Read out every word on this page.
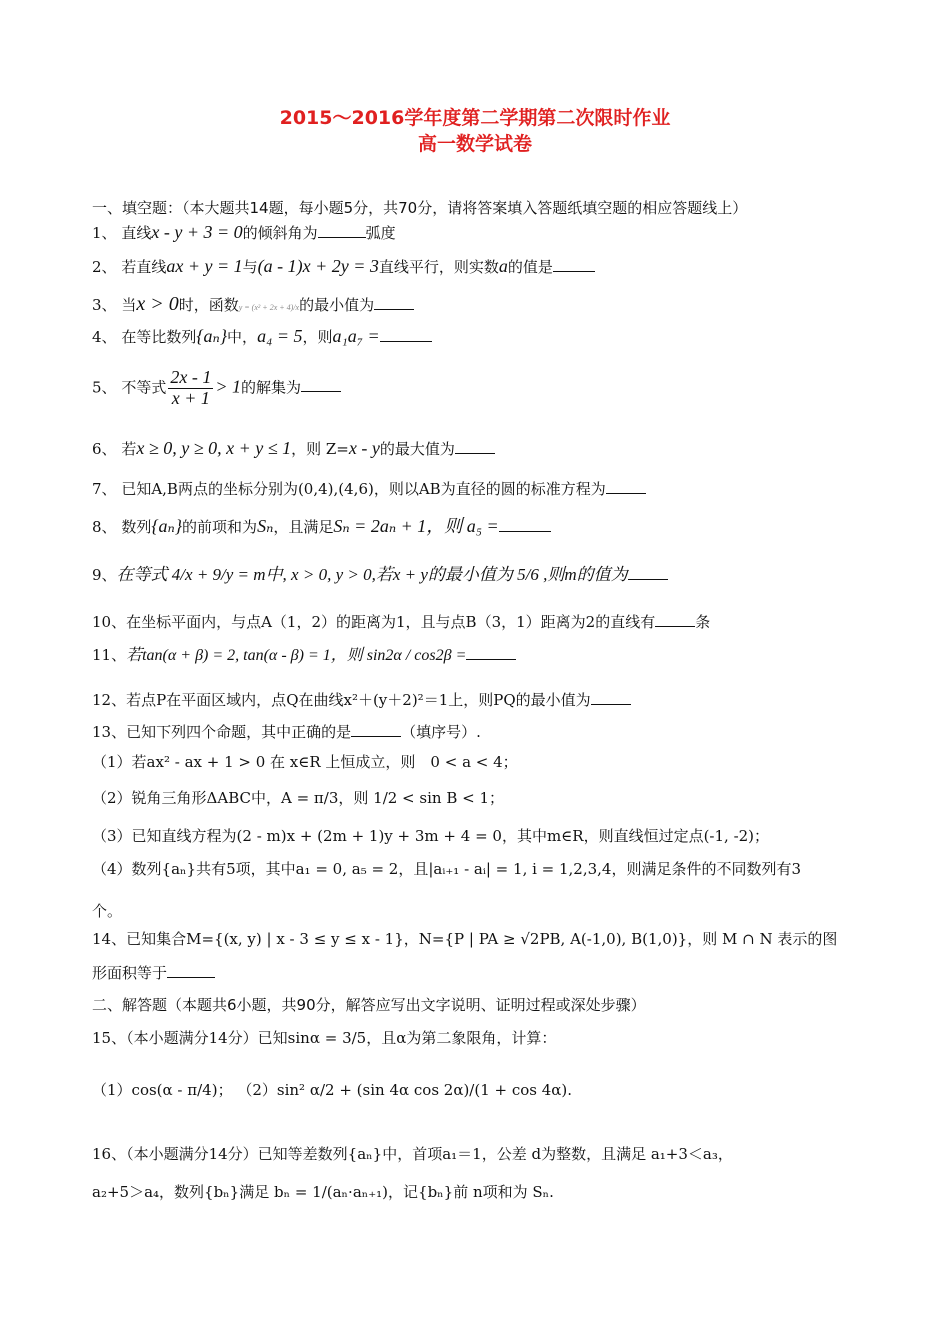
2015～2016学年度第二学期第二次限时作业
高一数学试卷
一、填空题：（本大题共14题，每小题5分，共70分，请将答案填入答题纸填空题的相应答题线上）
1、 直线x - y + 3 = 0的倾斜角为	弧度
2、 若直线ax + y = 1与(a - 1)x + 2y = 3直线平行，则实数a的值是
3、 当x > 0时，函数y = (x² + 2x + 4)/x的最小值为
4、 在等比数列{aₙ}中，a₄ = 5，则a₁a₇ =
5、 不等式 $\frac{2x - 1}{x + 1} > 1$的解集为
6、 若x ≥ 0, y ≥ 0, x + y ≤ 1，则 Z=x - y的最大值为
7、 已知A,B两点的坐标分别为(0,4),(4,6)，则以AB为直径的圆的标准方程为
8、 数列{aₙ}的前项和为Sₙ，且满足Sₙ = 2aₙ + 1，则 a₅ =
9、在等式 4/x + 9/y = m中, x > 0, y > 0,若x + y的最小值为 5/6 ,则m的值为
10、在坐标平面内，与点A（1，2）的距离为1，且与点B（3，1）距离为2的直线有	条
11、若tan(α + β) = 2, tan(α - β) = 1，则 sin2α / cos2β =
12、若点P在平面区域内，点Q在曲线x²＋(y＋2)²＝1上，则PQ的最小值为
13、已知下列四个命题，其中正确的是	（填序号）.
（1）若ax² - ax + 1 > 0 在 x∈R 上恒成立，则　0 < a < 4；
（2）锐角三角形ΔABC中，A = π/3，则 1/2 < sin B < 1；
（3）已知直线方程为(2 - m)x + (2m + 1)y + 3m + 4 = 0，其中m∈R，则直线恒过定点(-1, -2)；
（4）数列{aₙ}共有5项，其中a₁ = 0, a₅ = 2，且|aᵢ₊₁ - aᵢ| = 1, i = 1,2,3,4，则满足条件的不同数列有3
个。
14、已知集合M={(x, y) | x - 3 ≤ y ≤ x - 1}，N={P | PA ≥ √2PB, A(-1,0), B(1,0)}，则 M ∩ N 表示的图
形面积等于
二、解答题（本题共6小题，共90分，解答应写出文字说明、证明过程或深处步骤）
15、（本小题满分14分）已知sinα = 3/5，且α为第二象限角，计算：
（1）cos(α - π/4)； （2）sin² α/2 + (sin 4α cos 2α)/(1 + cos 4α).
16、（本小题满分14分）已知等差数列{aₙ}中，首项a₁＝1，公差 d为整数，且满足 a₁+3＜a₃，
a₂+5＞a₄，数列{bₙ}满足 bₙ = 1/(aₙ·aₙ₊₁)，记{bₙ}前 n项和为 Sₙ.
